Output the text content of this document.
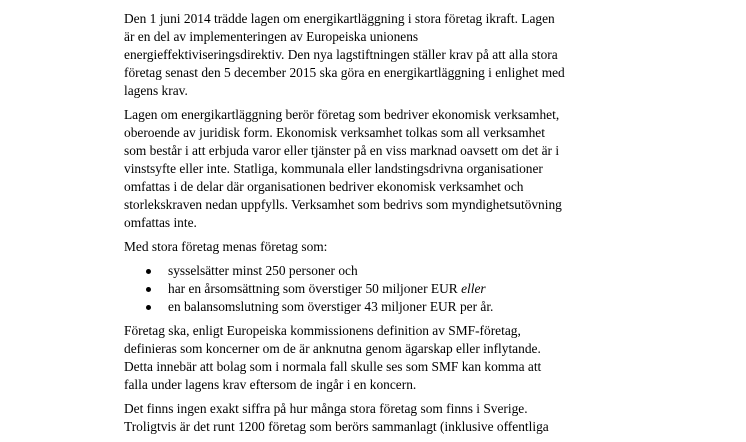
Den 1 juni 2014 trädde lagen om energikartläggning i stora företag ikraft. Lagen
är en del av implementeringen av Europeiska unionens
energieffektiviseringsdirektiv. Den nya lagstiftningen ställer krav på att alla stora
företag senast den 5 december 2015 ska göra en energikartläggning i enlighet med
lagens krav.

Lagen om energikartläggning berör företag som bedriver ekonomisk verksamhet,
oberoende av juridisk form. Ekonomisk verksamhet tolkas som all verksamhet
som består i att erbjuda varor eller tjänster på en viss marknad oavsett om det är i
vinstsyfte eller inte. Statliga, kommunala eller landstingsdrivna organisationer
omfattas i de delar där organisationen bedriver ekonomisk verksamhet och
storlekskraven nedan uppfylls. Verksamhet som bedrivs som myndighetsutövning
omfattas inte.

Med stora företag menas företag som:

sysselsätter minst 250 personer och
har en årsomsättning som överstiger 50 miljoner EUR eller
en balansomslutning som överstiger 43 miljoner EUR per år.

Företag ska, enligt Europeiska kommissionens definition av SMF-företag,
definieras som koncerner om de är anknutna genom ägarskap eller inflytande.
Detta innebär att bolag som i normala fall skulle ses som SMF kan komma att
falla under lagens krav eftersom de ingår i en koncern.

Det finns ingen exakt siffra på hur många stora företag som finns i Sverige.
Troligtvis är det runt 1200 företag som berörs sammanlagt (inklusive offentliga
